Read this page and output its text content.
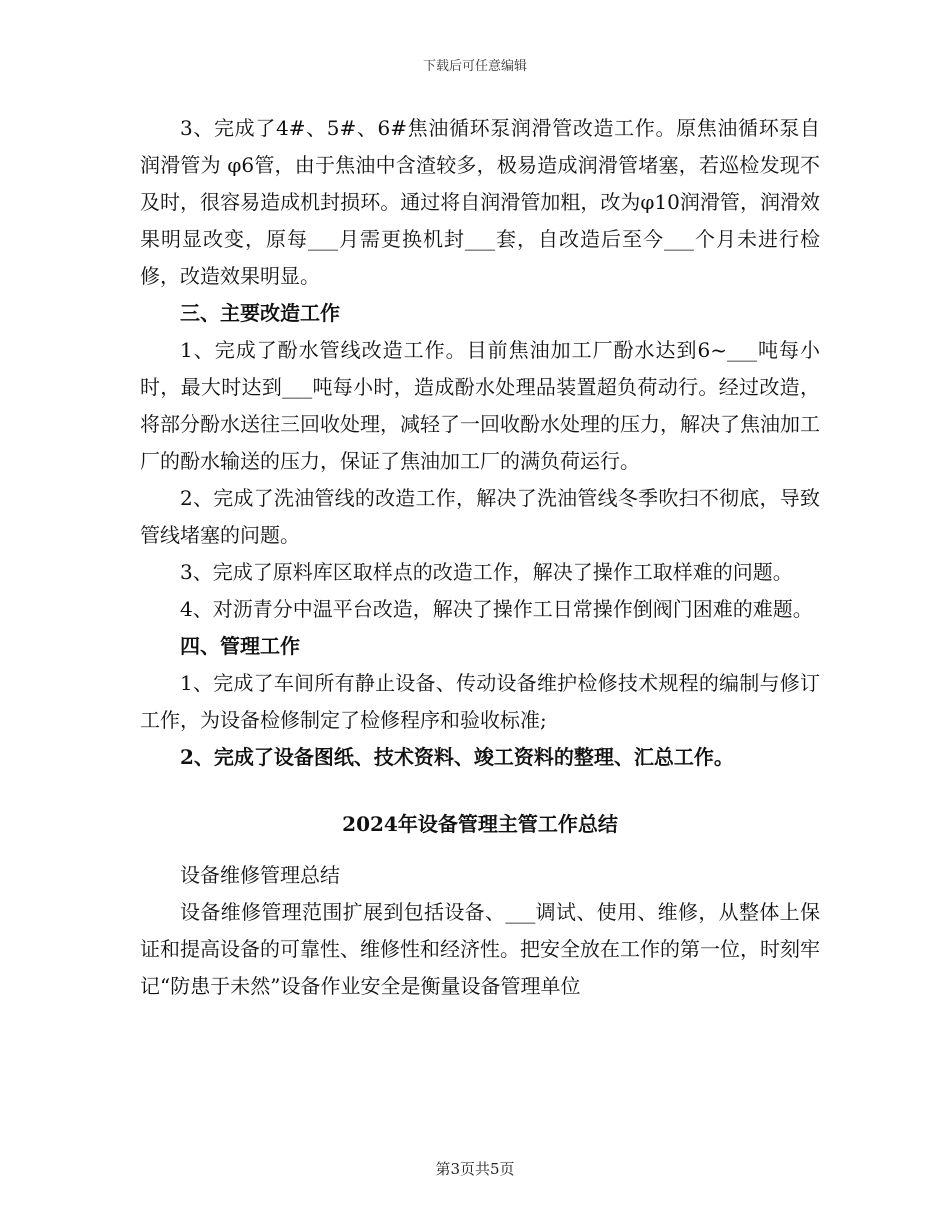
下载后可任意编辑

3、完成了4#、5#、6#焦油循环泵润滑管改造工作。原焦油循环泵自润滑管为 φ6管，由于焦油中含渣较多，极易造成润滑管堵塞，若巡检发现不及时，很容易造成机封损环。通过将自润滑管加粗，改为φ10润滑管，润滑效果明显改变，原每___月需更换机封___套，自改造后至今___个月未进行检修，改造效果明显。

三、主要改造工作

1、完成了酚水管线改造工作。目前焦油加工厂酚水达到6~___吨每小时，最大时达到___吨每小时，造成酚水处理品装置超负荷动行。经过改造，将部分酚水送往三回收处理，减轻了一回收酚水处理的压力，解决了焦油加工厂的酚水输送的压力，保证了焦油加工厂的满负荷运行。

2、完成了洗油管线的改造工作，解决了洗油管线冬季吹扫不彻底，导致管线堵塞的问题。

3、完成了原料库区取样点的改造工作，解决了操作工取样难的问题。

4、对沥青分中温平台改造，解决了操作工日常操作倒阀门困难的难题。

四、管理工作

1、完成了车间所有静止设备、传动设备维护检修技术规程的编制与修订工作，为设备检修制定了检修程序和验收标准;

2、完成了设备图纸、技术资料、竣工资料的整理、汇总工作。

2024年设备管理主管工作总结

设备维修管理总结

设备维修管理范围扩展到包括设备、___调试、使用、维修，从整体上保证和提高设备的可靠性、维修性和经济性。把安全放在工作的第一位，时刻牢记“防患于未然”设备作业安全是衡量设备管理单位

第3页共5页
